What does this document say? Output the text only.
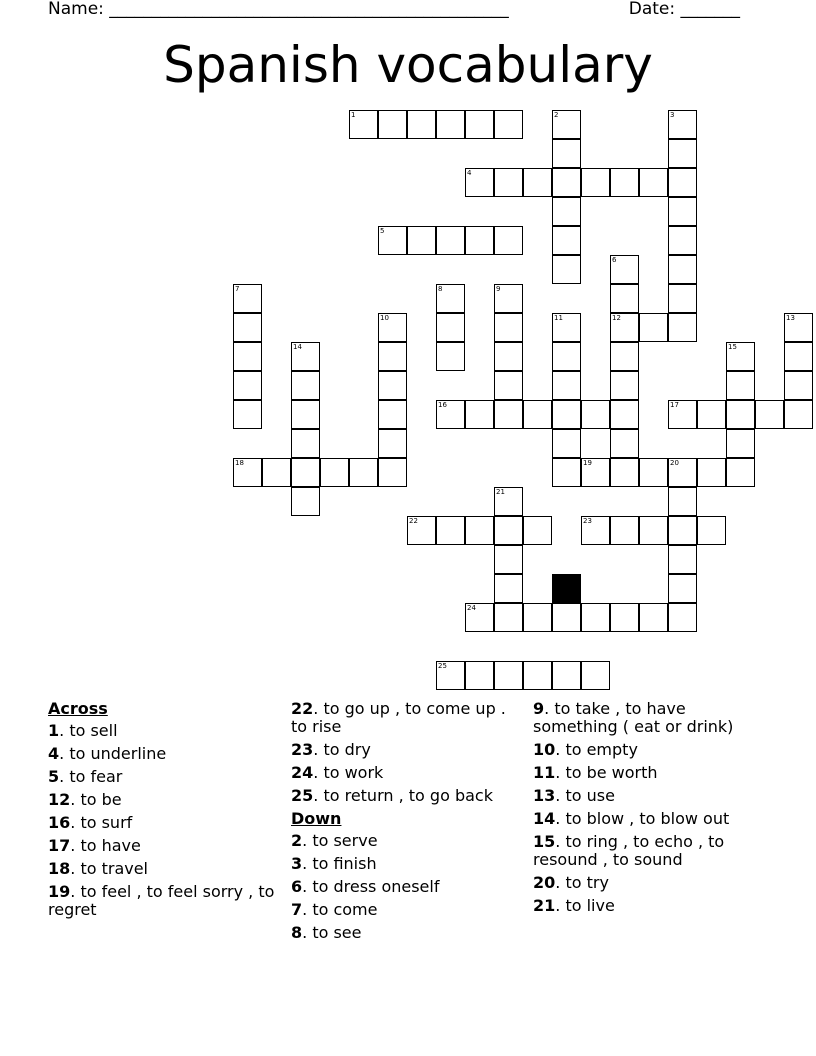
Name: _______________________________________________	Date: _______
Spanish vocabulary
1
4
5
12
16	17
18	19	20
22	23
24
25
2	3
6
7	8	9
10	11	13
14	15
21
Across
1. to sell
4. to underline
5. to fear
12. to be
16. to surf
17. to have
18. to travel
19. to feel , to feel sorry , to regret
22. to go up , to come up . to rise
23. to dry
24. to work
25. to return , to go back
Down
2. to serve
3. to finish
6. to dress oneself
7. to come
8. to see
9. to take , to have something ( eat or drink)
10. to empty
11. to be worth
13. to use
14. to blow , to blow out
15. to ring , to echo , to resound , to sound
20. to try
21. to live
